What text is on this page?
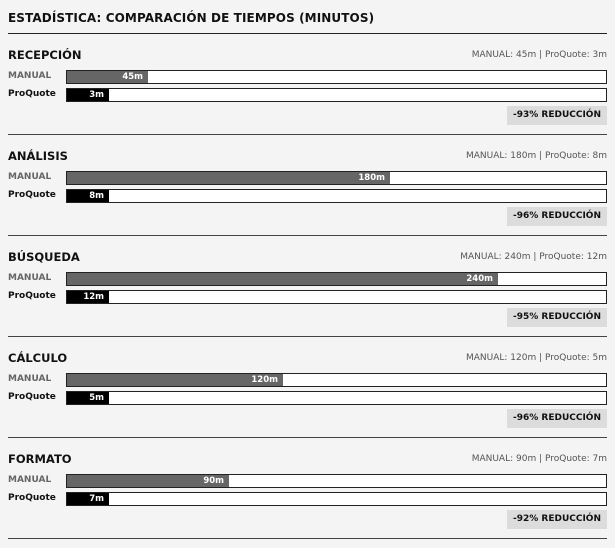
ESTADÍSTICA: COMPARACIÓN DE TIEMPOS (MINUTOS)
RECEPCIÓN	MANUAL: 45m | ProQuote: 3m
MANUAL	45m
ProQuote	3m
-93% REDUCCIÓN
ANÁLISIS	MANUAL: 180m | ProQuote: 8m
MANUAL	180m
ProQuote	8m
-96% REDUCCIÓN
BÚSQUEDA	MANUAL: 240m | ProQuote: 12m
MANUAL	240m
ProQuote	12m
-95% REDUCCIÓN
CÁLCULO	MANUAL: 120m | ProQuote: 5m
MANUAL	120m
ProQuote	5m
-96% REDUCCIÓN
FORMATO	MANUAL: 90m | ProQuote: 7m
MANUAL	90m
ProQuote	7m
-92% REDUCCIÓN
